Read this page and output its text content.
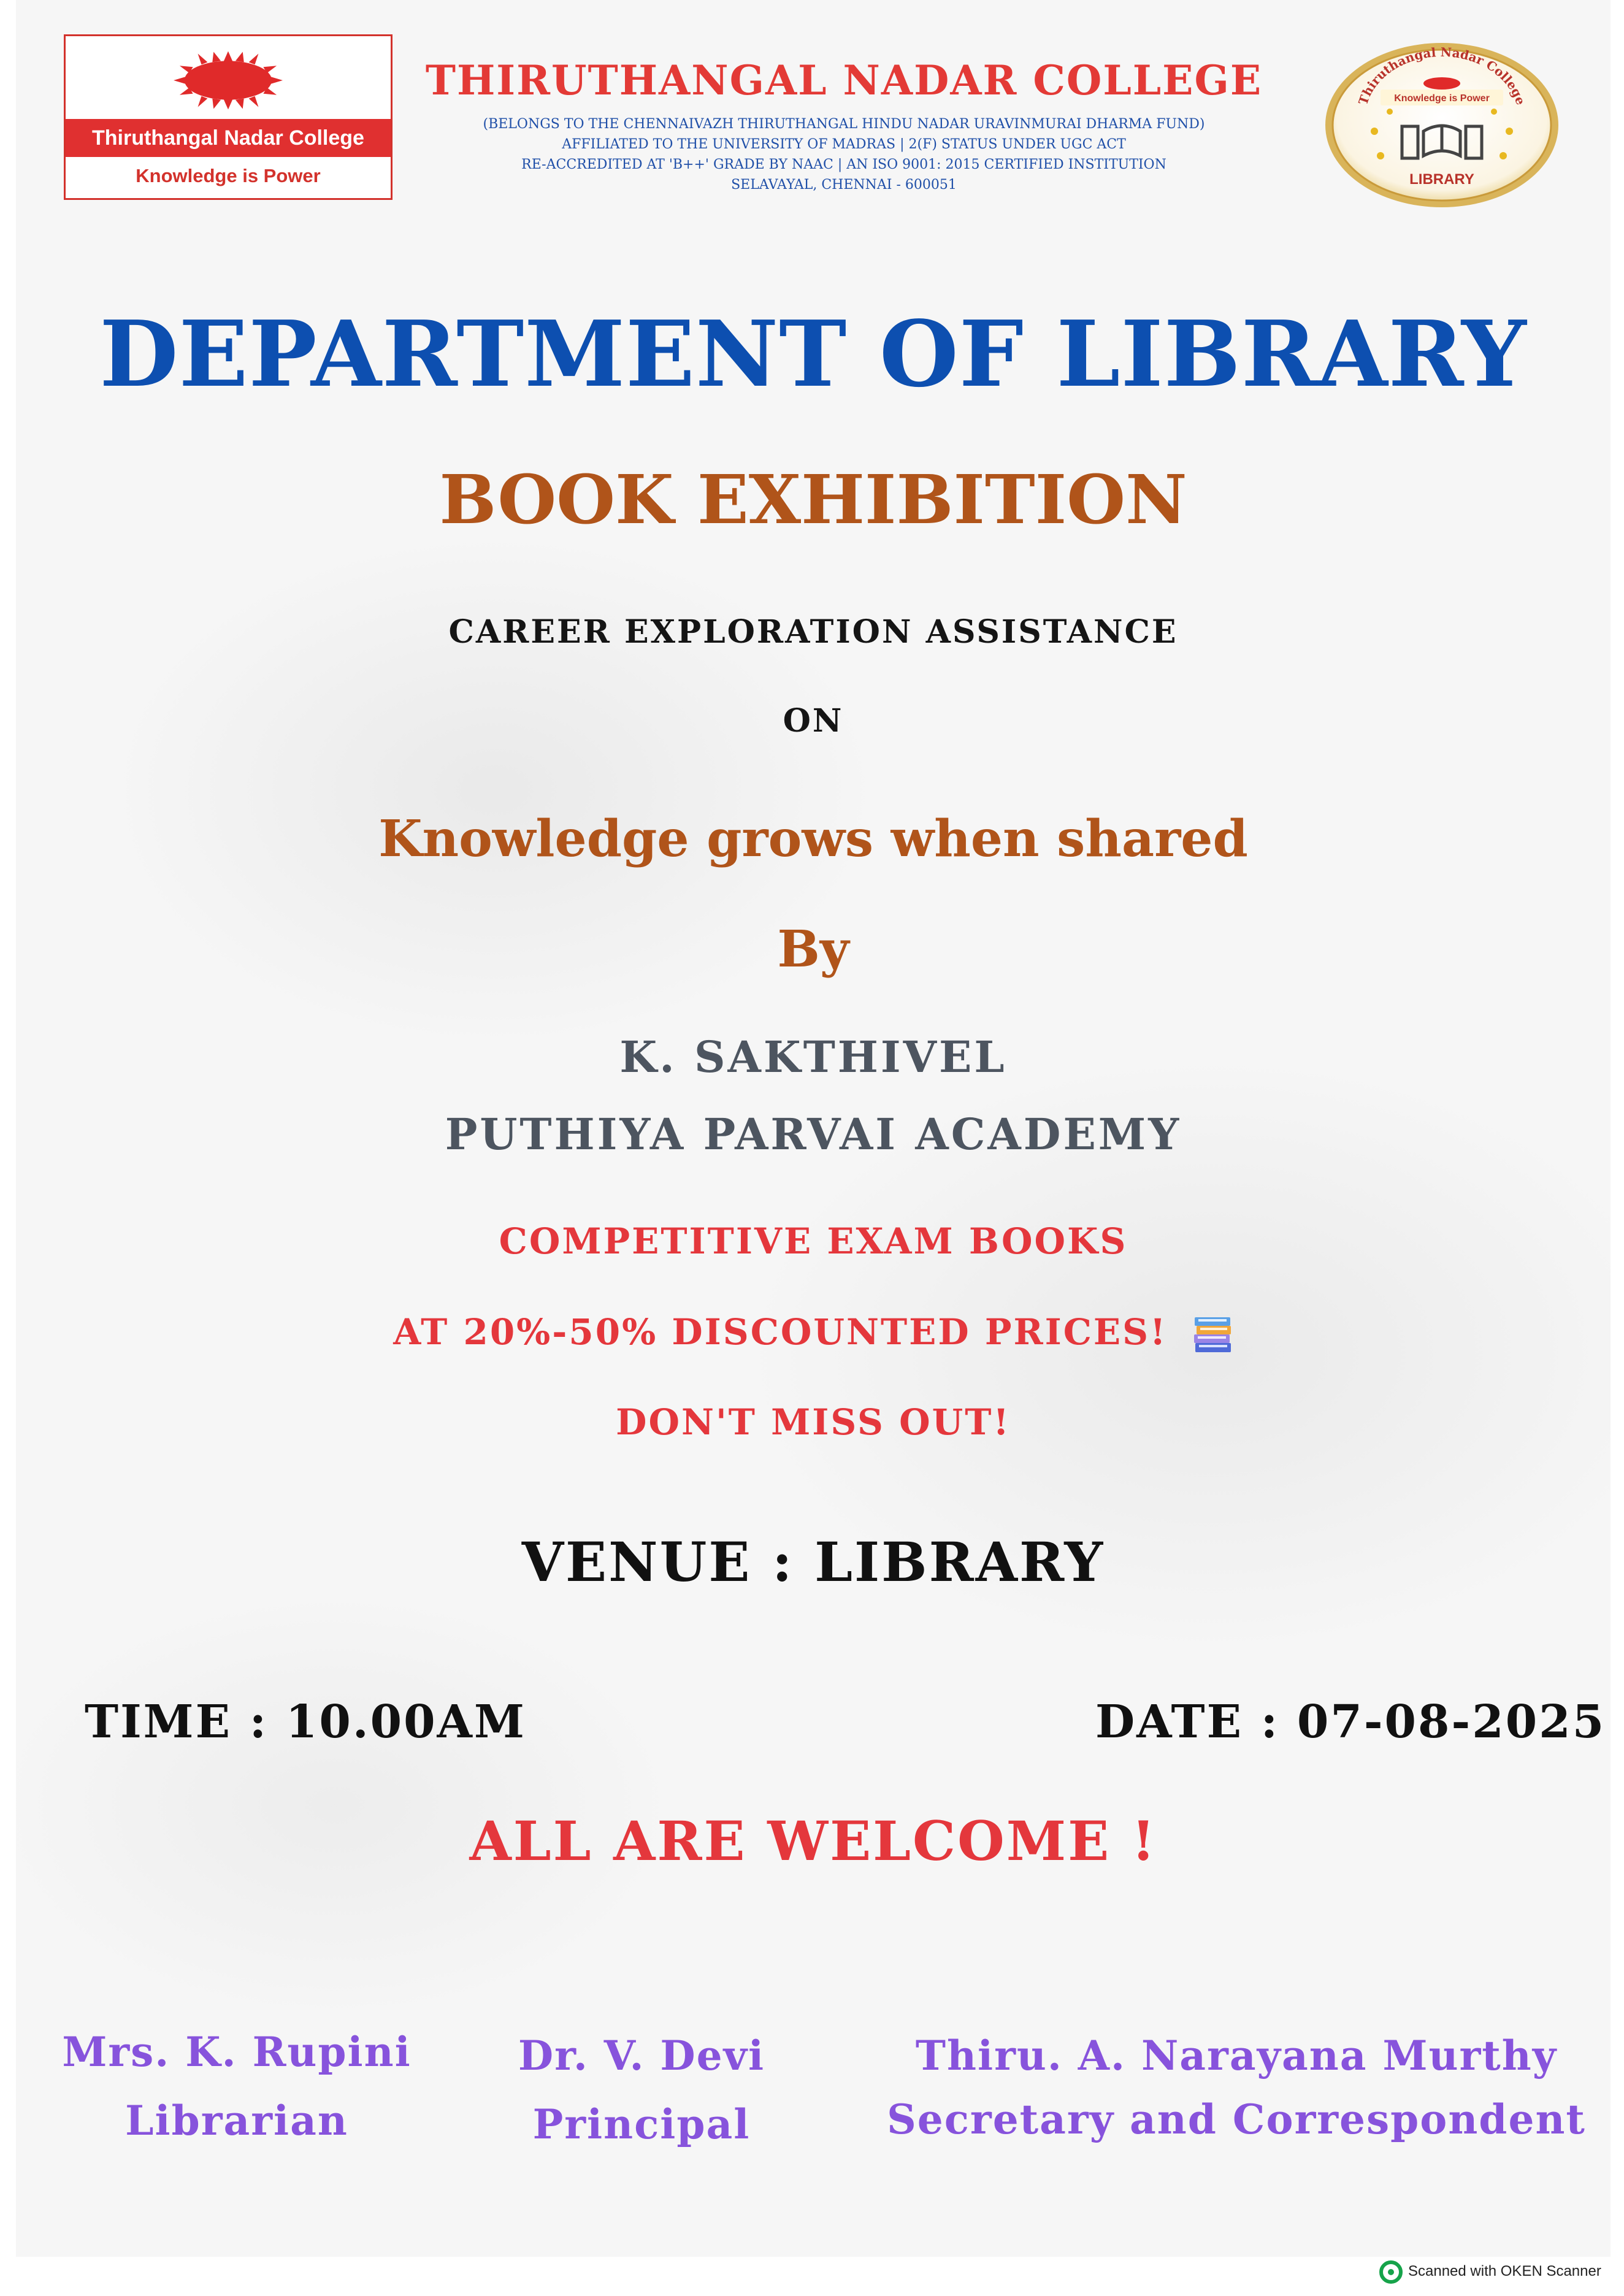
Thiruthangal Nadar College
Knowledge is Power
THIRUTHANGAL NADAR COLLEGE
(BELONGS TO THE CHENNAIVAZH THIRUTHANGAL HINDU NADAR URAVINMURAI DHARMA FUND)
AFFILIATED TO THE UNIVERSITY OF MADRAS | 2(F) STATUS UNDER UGC ACT
RE-ACCREDITED AT 'B++' GRADE BY NAAC | AN ISO 9001: 2015 CERTIFIED INSTITUTION
SELAVAYAL, CHENNAI - 600051
Thiruthangal Nadar College
Knowledge is Power
LIBRARY
DEPARTMENT OF LIBRARY
BOOK EXHIBITION
CAREER EXPLORATION ASSISTANCE
ON
Knowledge grows when shared
By
K. SAKTHIVEL
PUTHIYA PARVAI ACADEMY
COMPETITIVE EXAM BOOKS
AT 20%-50% DISCOUNTED PRICES!
DON'T MISS OUT!
VENUE : LIBRARY
TIME : 10.00AM	DATE : 07-08-2025
ALL ARE WELCOME !
Mrs. K. Rupini
Librarian
Dr. V. Devi
Principal
Thiru. A. Narayana Murthy
Secretary and Correspondent
Scanned with OKEN Scanner
